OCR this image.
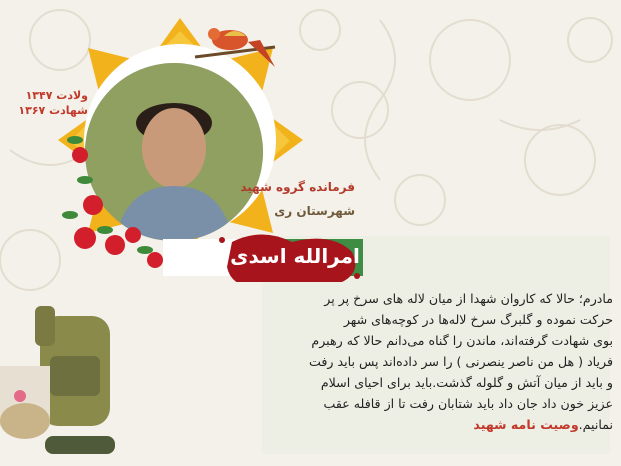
ولادت ۱۳۴۷
شهادت ۱۳۶۷
فرمانده گروه شهید
شهرستان ری
امرالله اسدی
مادرم؛ حالا که کاروان شهدا از میان لاله های سرخ پر پر
حرکت نموده و گلبرگ سرخ لاله‌ها در کوچه‌های شهر
بوی شهادت گرفته‌اند، ماندن را گناه می‌دانم حالا که رهبرم
فریاد ( هل من ناصر ینصرنی ) را سر داده‌اند پس باید رفت
و باید از میان آتش و گلوله گذشت.باید برای احیای اسلام
عزیز خون داد جان داد باید شتابان رفت تا از قافله عقب
نمانیم.وصیت نامه شهید
